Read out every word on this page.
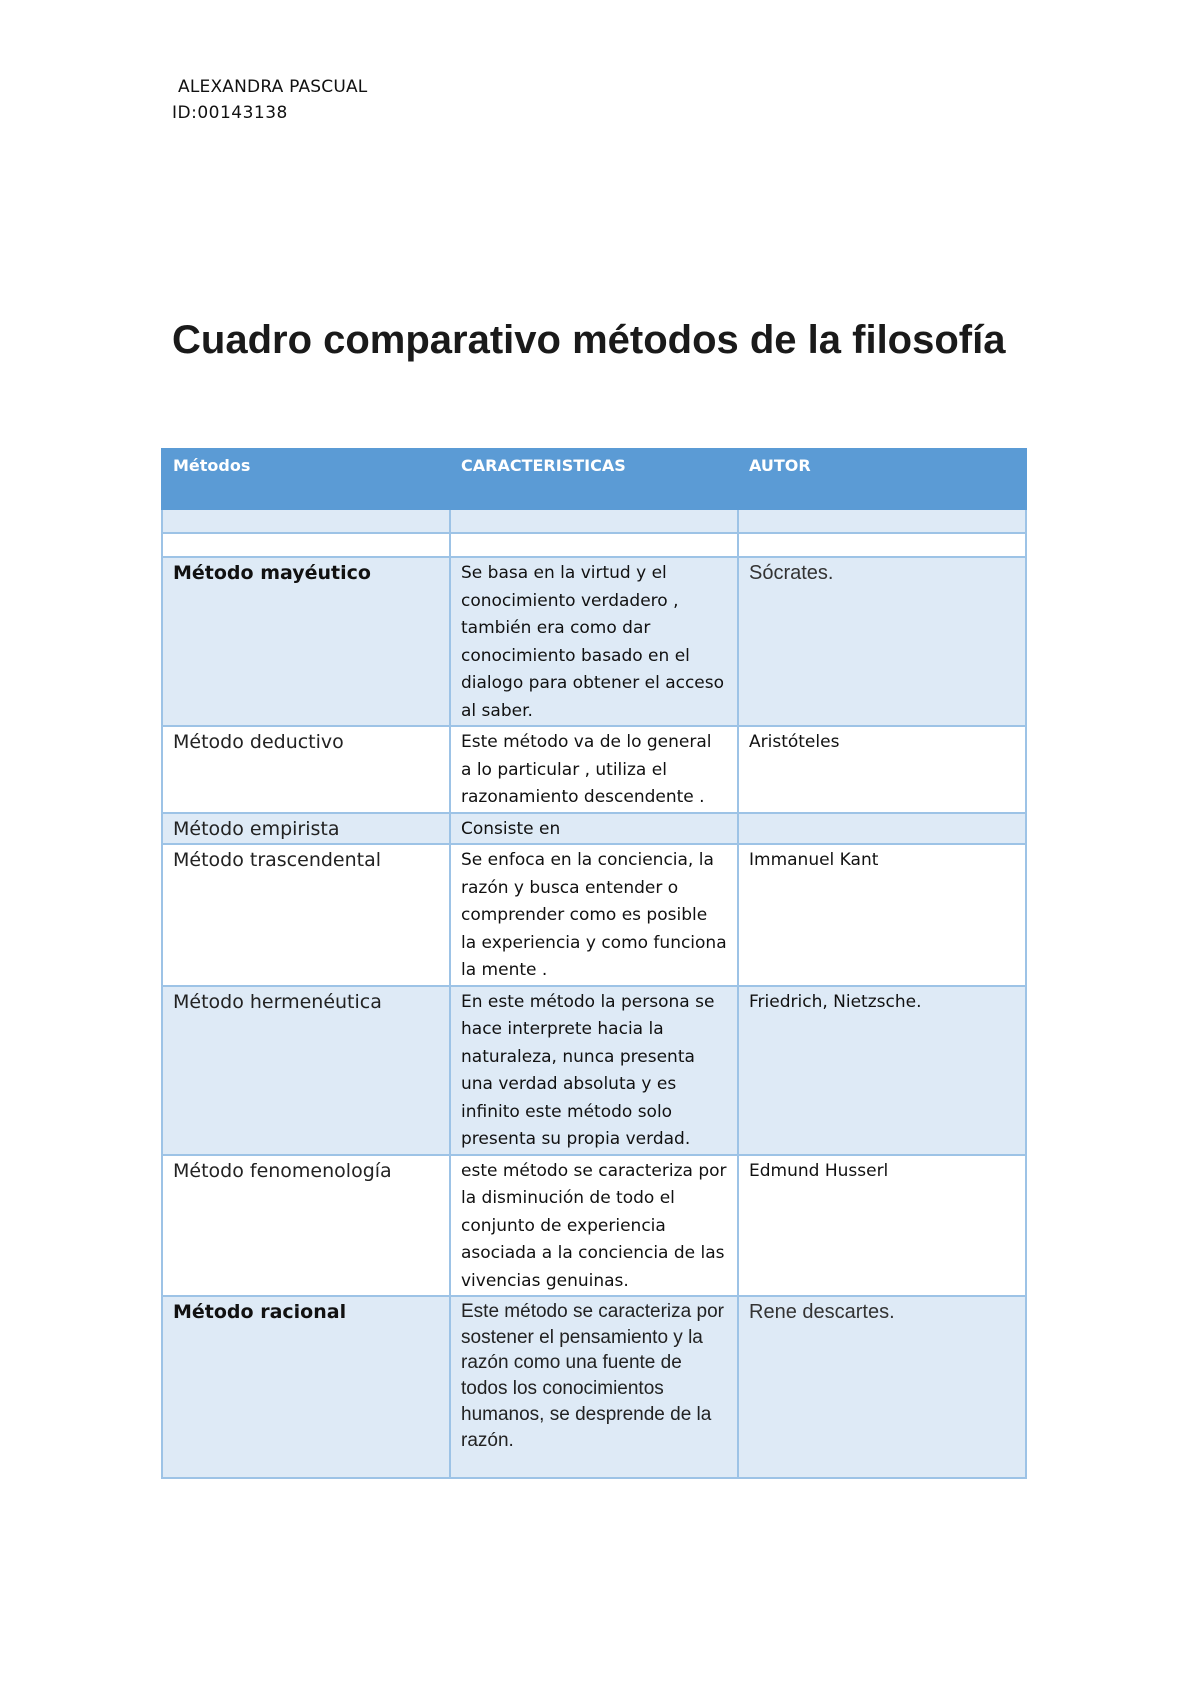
ALEXANDRA PASCUAL
ID:00143138
Cuadro comparativo métodos de la filosofía
Métodos	CARACTERISTICAS	AUTOR

Método mayéutico	Se basa en la virtud y el conocimiento verdadero , también era como dar conocimiento basado en el dialogo para obtener el acceso al saber.	Sócrates.
Método deductivo	Este método va de lo general a lo particular , utiliza el razonamiento descendente .	Aristóteles
Método empirista	Consiste en	
Método trascendental	Se enfoca en la conciencia, la razón y busca entender o comprender como es posible la experiencia y como funciona la mente .	Immanuel Kant
Método hermenéutica	En este método la persona se hace interprete hacia la naturaleza, nunca presenta una verdad absoluta y es infinito este método solo presenta su propia verdad.	Friedrich, Nietzsche.
Método fenomenología	este método se caracteriza por la disminución de todo el conjunto de experiencia asociada a la conciencia de las vivencias genuinas.	Edmund Husserl
Método racional	Este método se caracteriza por sostener el pensamiento y la razón como una fuente de todos los conocimientos humanos, se desprende de la razón.	Rene descartes.
